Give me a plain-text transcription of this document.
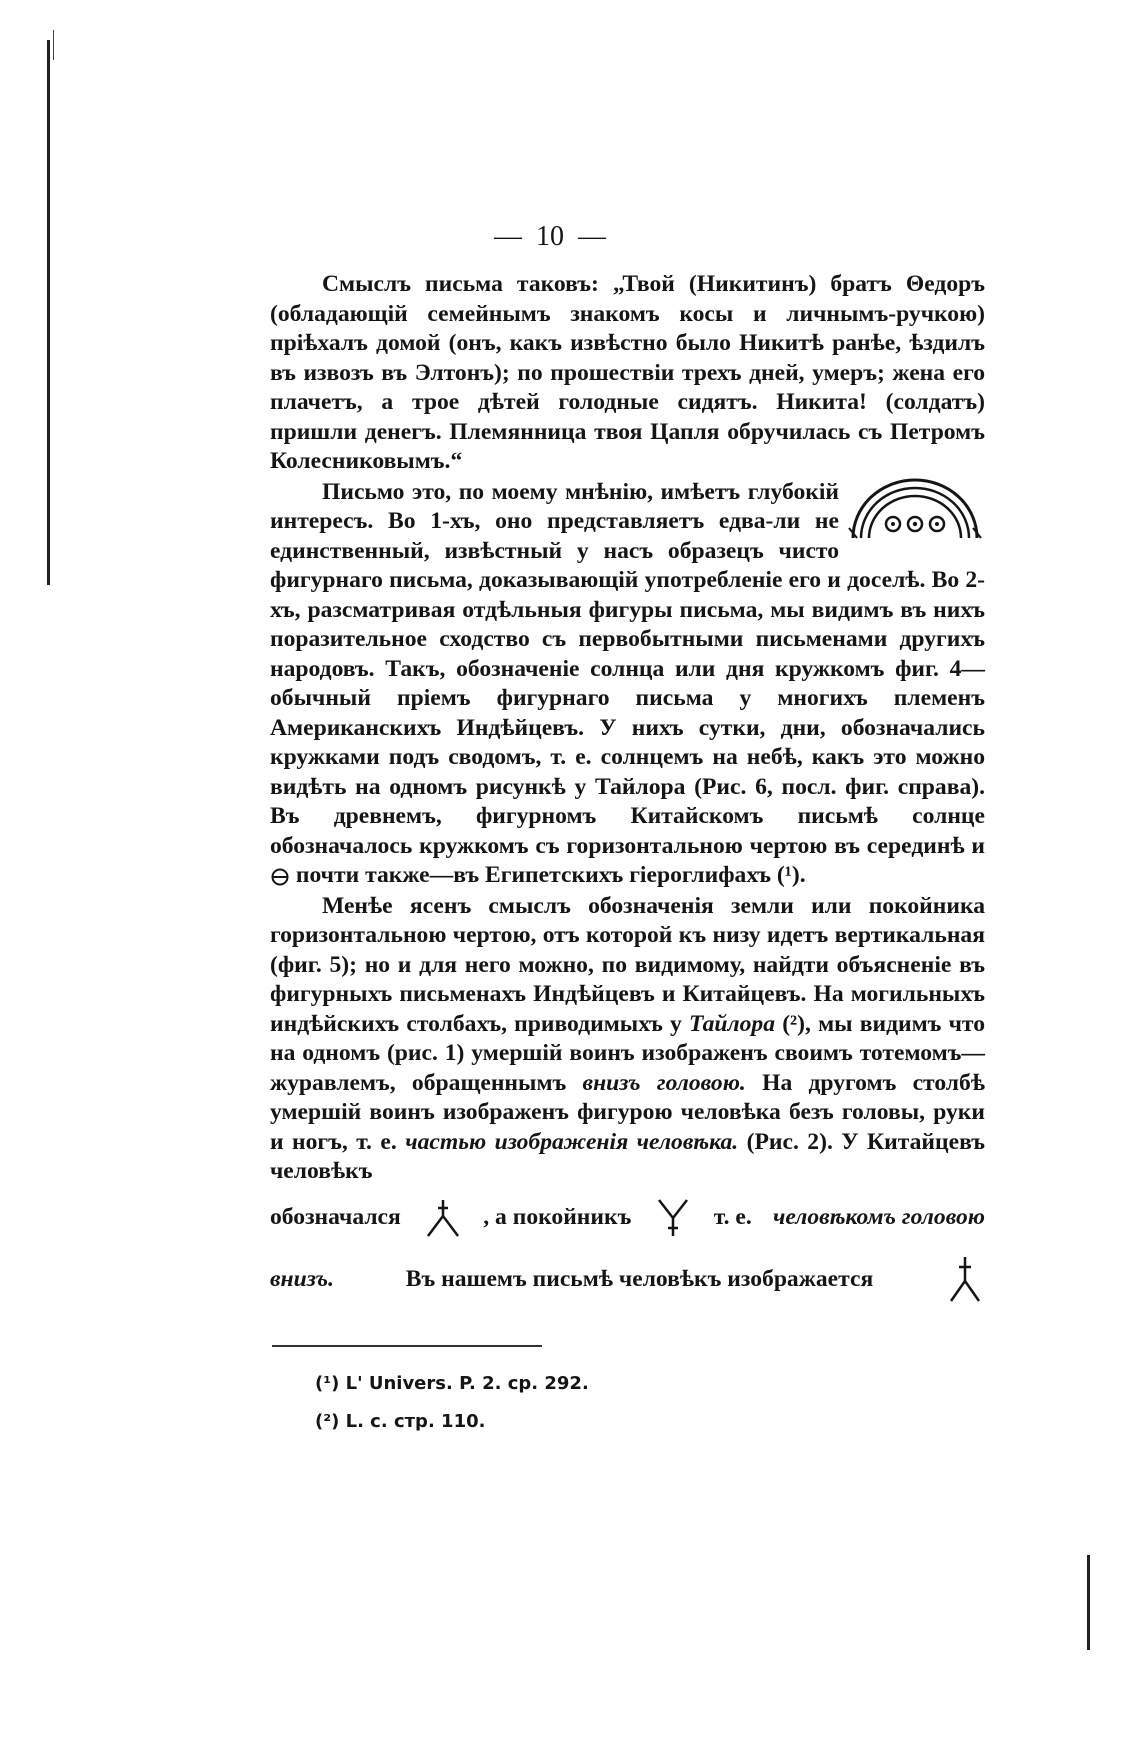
— 10 —

Смыслъ письма таковъ: „Твой (Никитинъ) братъ Θедоръ (обладающій семейнымъ знакомъ косы и личнымъ-ручкою) пріѣхалъ домой (онъ, какъ извѣстно было Никитѣ ранѣе, ѣздилъ въ извозъ въ Элтонъ); по прошествіи трехъ дней, умеръ; жена его плачетъ, а трое дѣтей голодные сидятъ. Никита! (солдатъ) пришли денегъ. Племянница твоя Цапля обручилась съ Петромъ Колесниковымъ.“

Письмо это, по моему мнѣнію, имѣетъ глубокій интересъ. Во 1-хъ, оно представляетъ едва-ли не единственный, извѣстный у насъ образецъ чисто фигурнаго письма, доказывающій употребленіе его и доселѣ. Во 2-хъ, разсматривая отдѣльныя фигуры письма, мы видимъ въ нихъ поразительное сходство съ первобытными письменами другихъ народовъ. Такъ, обозначеніе солнца или дня кружкомъ фиг. 4— обычный пріемъ фигурнаго письма у многихъ племенъ Американскихъ Индѣйцевъ. У нихъ сутки, дни, обозначались кружками подъ сводомъ, т. е. солнцемъ на небѣ, какъ это можно видѣть на одномъ рисункѣ у Тайлора (Рис. 6, посл. фиг. справа). Въ древнемъ, фигурномъ Китайскомъ письмѣ солнце обозначалось кружкомъ съ горизонтальною чертою въ серединѣ и  почти также—въ Египетскихъ гіероглифахъ (¹).

Менѣе ясенъ смыслъ обозначенія земли или покойника горизонтальною чертою, отъ которой къ низу идетъ вертикальная (фиг. 5); но и для него можно, по видимому, найдти объясненіе въ фигурныхъ письменахъ Индѣйцевъ и Китайцевъ. На могильныхъ индѣйскихъ столбахъ, приводимыхъ у Тайлора (²), мы видимъ что на одномъ (рис. 1) умершій воинъ изображенъ своимъ тотемомъ—журавлемъ, обращеннымъ внизъ головою. На другомъ столбѣ умершій воинъ изображенъ фигурою человѣка безъ головы, руки и ногъ, т. е. частью изображенія человѣка. (Рис. 2). У Китайцевъ человѣкъ

обозначался	, а покойникъ	т. е. человѣкомъ головою
внизъ.	Въ нашемъ письмѣ человѣкъ изображается

(¹) L' Univers. P. 2. ср. 292.

(²) L. c. стр. 110.
